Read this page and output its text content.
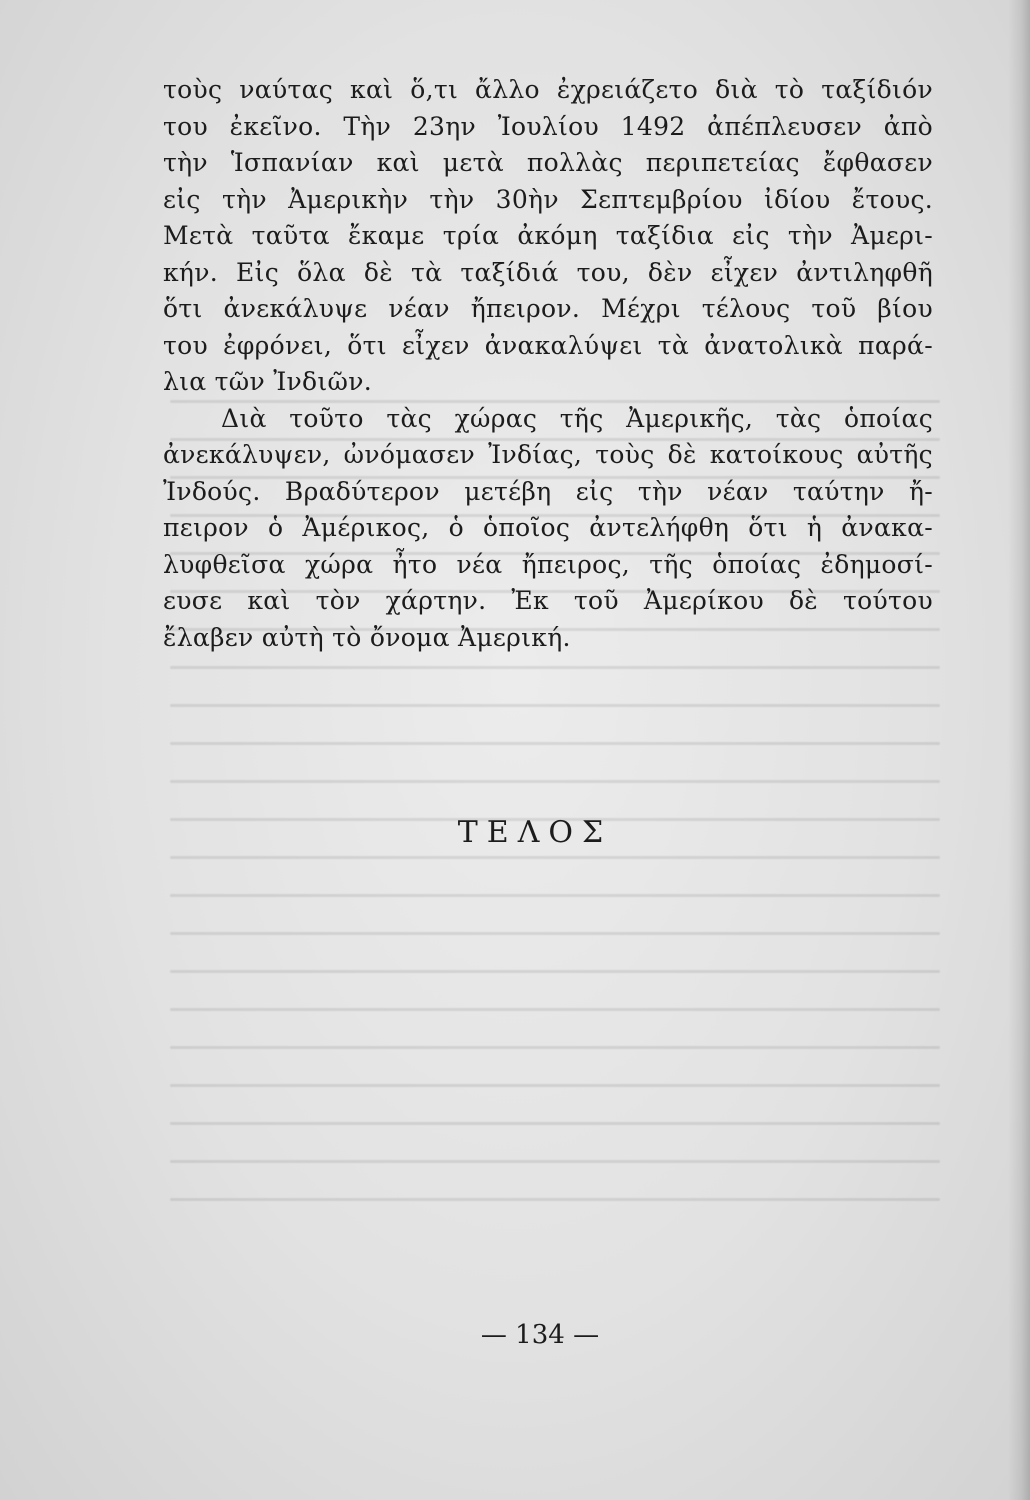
τοὺς ναύτας καὶ ὅ,τι ἄλλο ἐχρειάζετο διὰ τὸ ταξίδιόν
του ἐκεῖνο. Τὴν 23ην Ἰουλίου 1492 ἀπέπλευσεν ἀπὸ
τὴν Ἱσπανίαν καὶ μετὰ πολλὰς περιπετείας ἔφθασεν
εἰς τὴν Ἀμερικὴν τὴν 30ὴν Σεπτεμβρίου ἰδίου ἔτους.
Μετὰ ταῦτα ἔκαμε τρία ἀκόμη ταξίδια εἰς τὴν Ἀμερι-
κήν. Εἰς ὅλα δὲ τὰ ταξίδιά του, δὲν εἶχεν ἀντιληφθῆ
ὅτι ἀνεκάλυψε νέαν ἤπειρον. Μέχρι τέλους τοῦ βίου
του ἐφρόνει, ὅτι εἶχεν ἀνακαλύψει τὰ ἀνατολικὰ παρά-
λια τῶν Ἰνδιῶν.
Διὰ τοῦτο τὰς χώρας τῆς Ἀμερικῆς, τὰς ὁποίας
ἀνεκάλυψεν, ὠνόμασεν Ἰνδίας, τοὺς δὲ κατοίκους αὐτῆς
Ἰνδούς. Βραδύτερον μετέβη εἰς τὴν νέαν ταύτην ἤ-
πειρον ὁ Ἀμέρικος, ὁ ὁποῖος ἀντελήφθη ὅτι ἡ ἀνακα-
λυφθεῖσα χώρα ἦτο νέα ἤπειρος, τῆς ὁποίας ἐδημοσί-
ευσε καὶ τὸν χάρτην. Ἐκ τοῦ Ἀμερίκου δὲ τούτου
ἔλαβεν αὐτὴ τὸ ὄνομα Ἀμερική.
ΤΕΛΟΣ
— 134 —
